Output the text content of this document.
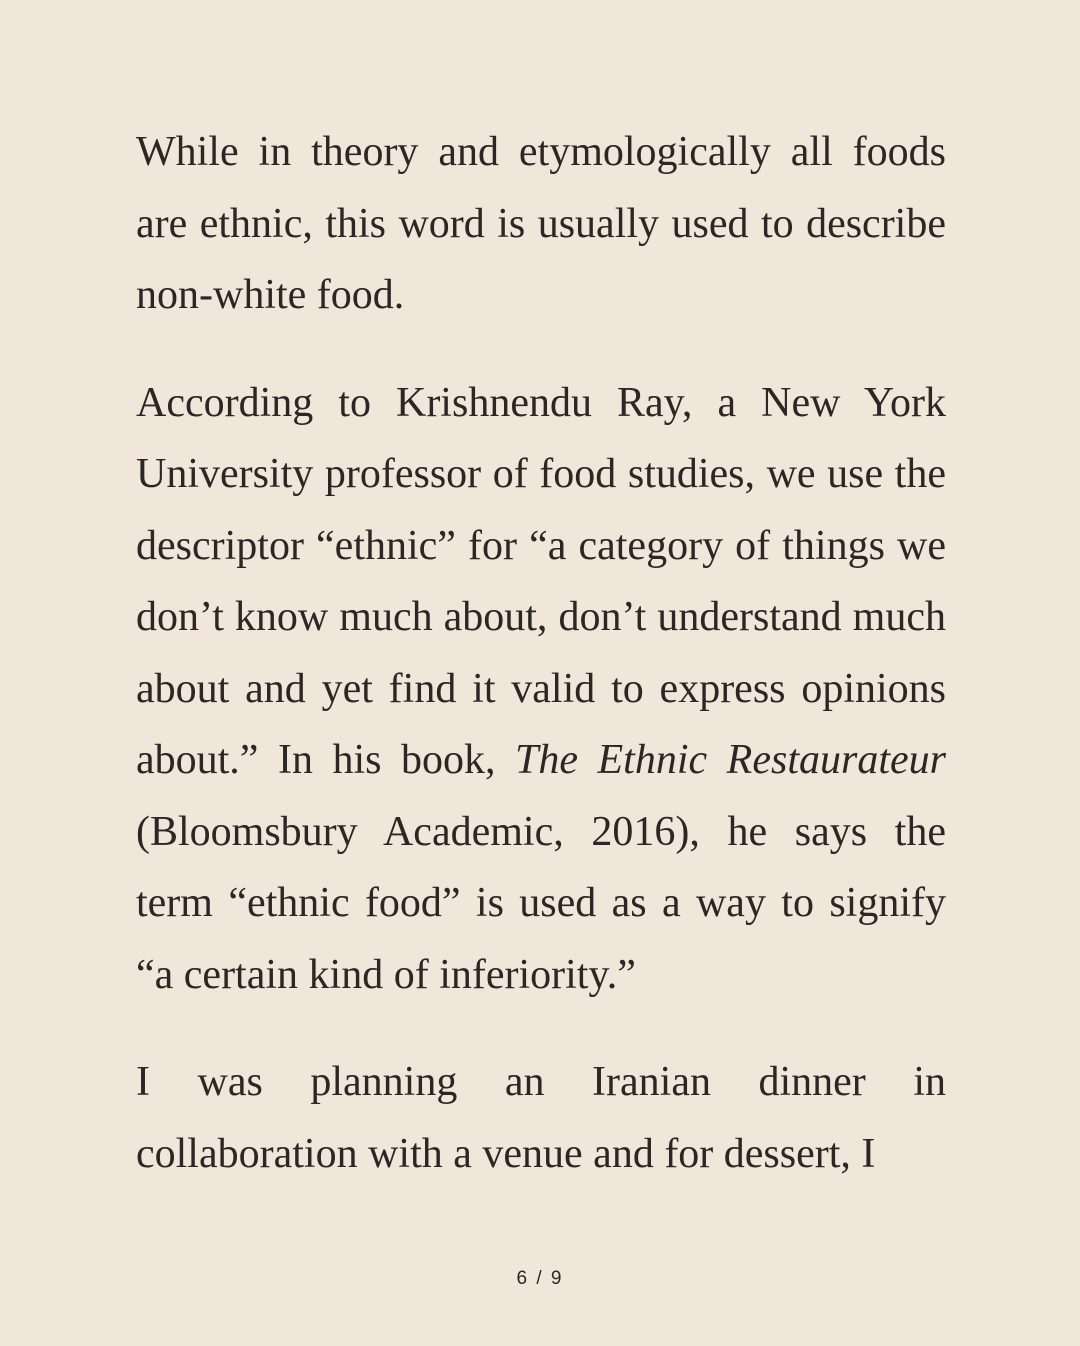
While in theory and etymologically all foods are ethnic, this word is usually used to describe non-white food.

According to Krishnendu Ray, a New York University professor of food studies, we use the descriptor “ethnic” for “a category of things we don’t know much about, don’t understand much about and yet find it valid to express opinions about.” In his book, The Ethnic Restaurateur (Bloomsbury Academic, 2016), he says the term “ethnic food” is used as a way to signify “a certain kind of inferiority.”

I was planning an Iranian dinner in collaboration with a venue and for dessert, I

6 / 9
